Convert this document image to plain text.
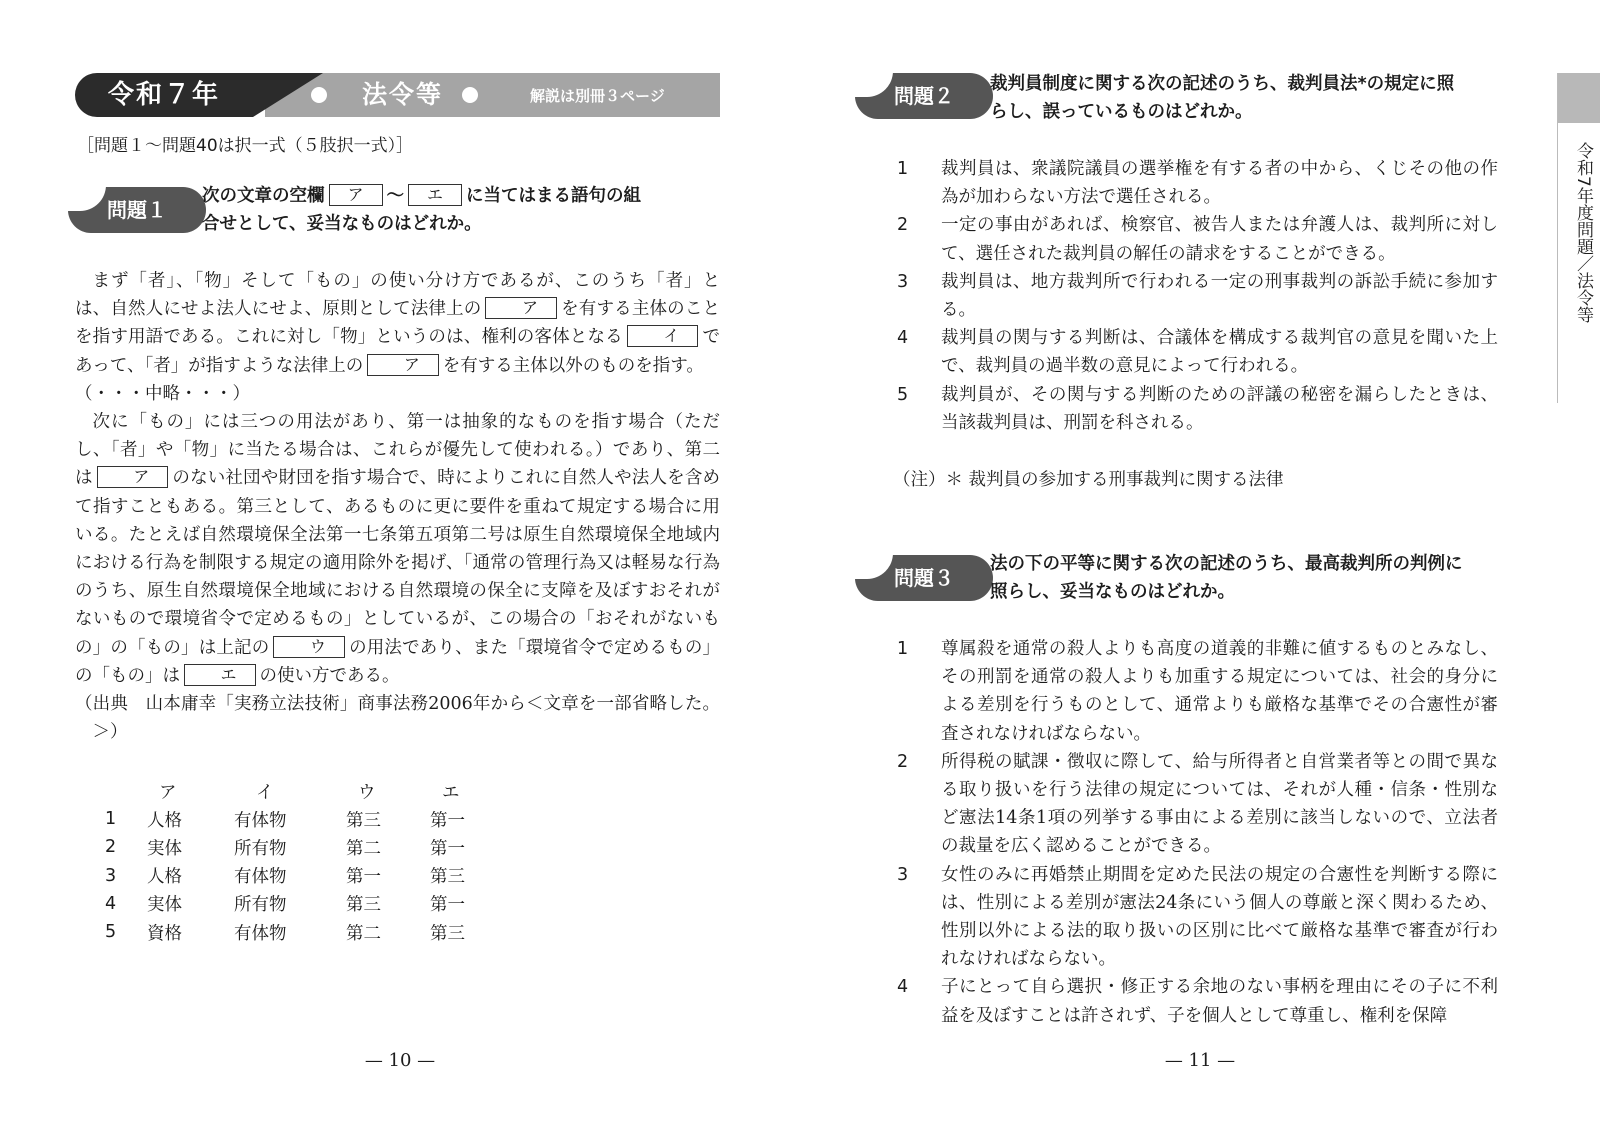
令和７年	法令等	解説は別冊３ページ
［問題１～問題40は択一式（５肢択一式）］
問題１
次の文章の空欄 ア ～ エ に当てはまる語句の組
合せとして、妥当なものはどれか。

まず「者」、「物」そして「もの」の使い分け方であるが、このうち「者」とは、自然人にせよ法人にせよ、原則として法律上の	ア を有する主体のことを指す用語である。これに対し「物」というのは、権利の客体となる	イ であって、「者」が指すような法律上の	ア を有する主体以外のものを指す。

（・・・中略・・・）

次に「もの」には三つの用法があり、第一は抽象的なものを指す場合（ただし、「者」や「物」に当たる場合は、これらが優先して使われる。）であり、第二は	ア のない社団や財団を指す場合で、時によりこれに自然人や法人を含めて指すこともある。第三として、あるものに更に要件を重ねて規定する場合に用いる。たとえば自然環境保全法第一七条第五項第二号は原生自然環境保全地域内における行為を制限する規定の適用除外を掲げ、「通常の管理行為又は軽易な行為のうち、原生自然環境保全地域における自然環境の保全に支障を及ぼすおそれがないもので環境省令で定めるもの」としているが、この場合の「おそれがないもの」の「もの」は上記の	ウ の用法であり、また「環境省令で定めるもの」の「もの」は	エ の使い方である。

（出典　山本庸幸「実務立法技術」商事法務2006年から＜文章を一部省略した。＞）

	ア	イ	ウ	エ
1	人格	有体物	第三	第一
2	実体	所有物	第二	第一
3	人格	有体物	第一	第三
4	実体	所有物	第三	第一
5	資格	有体物	第二	第三
— 10 —
令和7年度問題／法令等
問題２	裁判員制度に関する次の記述のうち、裁判員法*の規定に照
らし、誤っているものはどれか。
1	裁判員は、衆議院議員の選挙権を有する者の中から、くじその他の作為が加わらない方法で選任される。
2	一定の事由があれば、検察官、被告人または弁護人は、裁判所に対して、選任された裁判員の解任の請求をすることができる。
3	裁判員は、地方裁判所で行われる一定の刑事裁判の訴訟手続に参加する。
4	裁判員の関与する判断は、合議体を構成する裁判官の意見を聞いた上で、裁判員の過半数の意見によって行われる。
5	裁判員が、その関与する判断のための評議の秘密を漏らしたときは、当該裁判員は、刑罰を科される。
（注）＊ 裁判員の参加する刑事裁判に関する法律
問題３
法の下の平等に関する次の記述のうち、最高裁判所の判例に
照らし、妥当なものはどれか。
1	尊属殺を通常の殺人よりも高度の道義的非難に値するものとみなし、その刑罰を通常の殺人よりも加重する規定については、社会的身分による差別を行うものとして、通常よりも厳格な基準でその合憲性が審査されなければならない。
2	所得税の賦課・徴収に際して、給与所得者と自営業者等との間で異なる取り扱いを行う法律の規定については、それが人種・信条・性別など憲法14条1項の列挙する事由による差別に該当しないので、立法者の裁量を広く認めることができる。
3	女性のみに再婚禁止期間を定めた民法の規定の合憲性を判断する際には、性別による差別が憲法24条にいう個人の尊厳と深く関わるため、性別以外による法的取り扱いの区別に比べて厳格な基準で審査が行われなければならない。
4	子にとって自ら選択・修正する余地のない事柄を理由にその子に不利益を及ぼすことは許されず、子を個人として尊重し、権利を保障
— 11 —
